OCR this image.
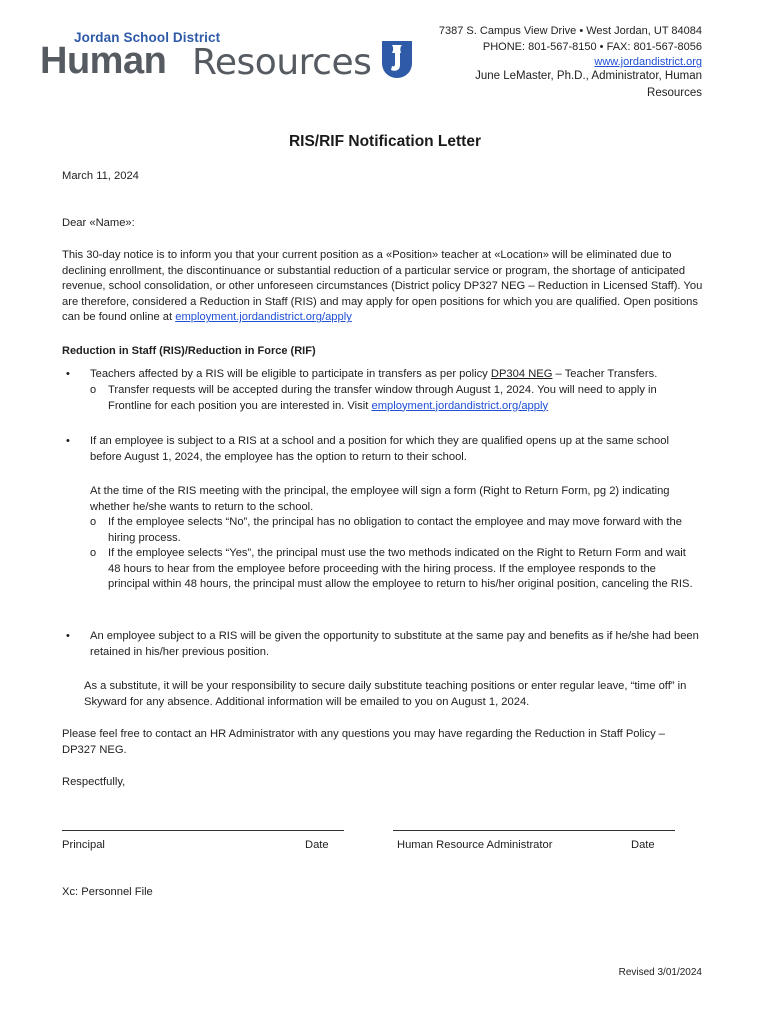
Jordan School District
Human Resources
7387 S. Campus View Drive • West Jordan, UT 84084
PHONE: 801-567-8150 • FAX: 801-567-8056
www.jordandistrict.org
June LeMaster, Ph.D., Administrator, Human Resources
RIS/RIF Notification Letter
March 11, 2024
Dear «Name»:
This 30-day notice is to inform you that your current position as a «Position» teacher at «Location» will be eliminated due to declining enrollment, the discontinuance or substantial reduction of a particular service or program, the shortage of anticipated revenue, school consolidation, or other unforeseen circumstances (District policy DP327 NEG – Reduction in Licensed Staff). You are therefore, considered a Reduction in Staff (RIS) and may apply for open positions for which you are qualified. Open positions can be found online at employment.jordandistrict.org/apply
Reduction in Staff (RIS)/Reduction in Force (RIF)
• Teachers affected by a RIS will be eligible to participate in transfers as per policy DP304 NEG – Teacher Transfers.
o Transfer requests will be accepted during the transfer window through August 1, 2024. You will need to apply in Frontline for each position you are interested in. Visit employment.jordandistrict.org/apply
• If an employee is subject to a RIS at a school and a position for which they are qualified opens up at the same school before August 1, 2024, the employee has the option to return to their school.
At the time of the RIS meeting with the principal, the employee will sign a form (Right to Return Form, pg 2) indicating whether he/she wants to return to the school.
o If the employee selects “No”, the principal has no obligation to contact the employee and may move forward with the hiring process.
o If the employee selects “Yes”, the principal must use the two methods indicated on the Right to Return Form and wait 48 hours to hear from the employee before proceeding with the hiring process. If the employee responds to the principal within 48 hours, the principal must allow the employee to return to his/her original position, canceling the RIS.
• An employee subject to a RIS will be given the opportunity to substitute at the same pay and benefits as if he/she had been retained in his/her previous position.
As a substitute, it will be your responsibility to secure daily substitute teaching positions or enter regular leave, “time off” in Skyward for any absence. Additional information will be emailed to you on August 1, 2024.
Please feel free to contact an HR Administrator with any questions you may have regarding the Reduction in Staff Policy – DP327 NEG.
Respectfully,
Principal	Date	Human Resource Administrator	Date
Xc: Personnel File
Revised 3/01/2024
